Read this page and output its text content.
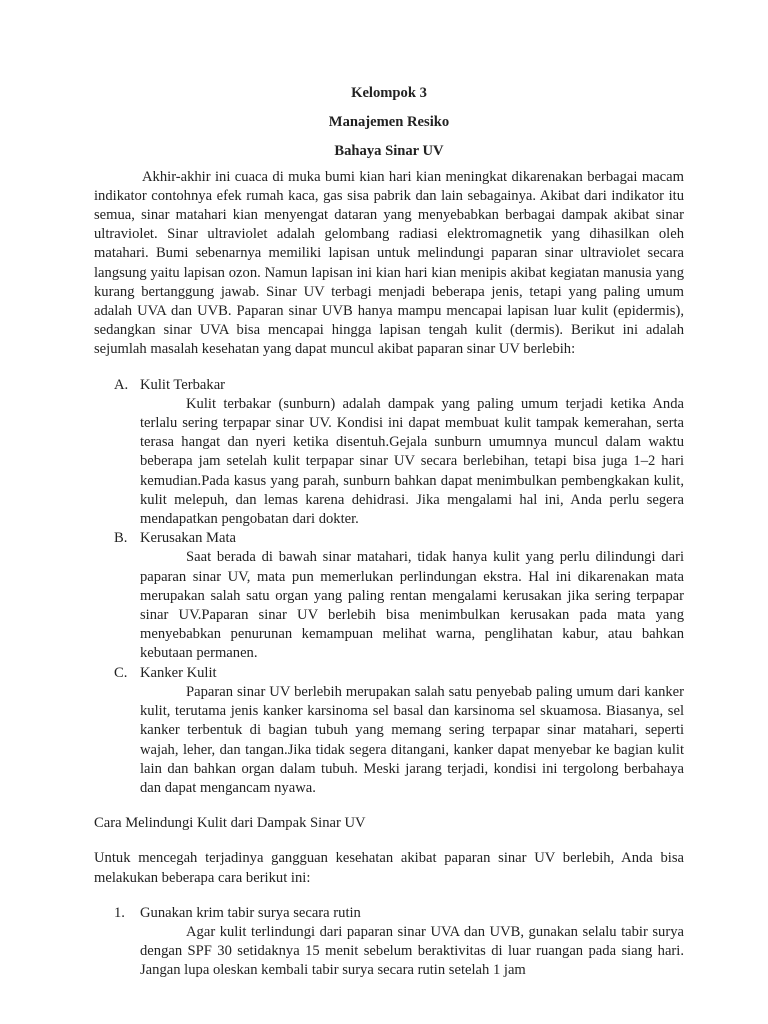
Kelompok 3

Manajemen Resiko

Bahaya Sinar UV

Akhir-akhir ini cuaca di muka bumi kian hari kian meningkat dikarenakan berbagai macam indikator contohnya efek rumah kaca, gas sisa pabrik dan lain sebagainya. Akibat dari indikator itu semua, sinar matahari kian menyengat dataran yang menyebabkan berbagai dampak akibat sinar ultraviolet. Sinar ultraviolet adalah gelombang radiasi elektromagnetik yang dihasilkan oleh matahari. Bumi sebenarnya memiliki lapisan untuk melindungi paparan sinar ultraviolet secara langsung yaitu lapisan ozon. Namun lapisan ini kian hari kian menipis akibat kegiatan manusia yang kurang bertanggung jawab. Sinar UV terbagi menjadi beberapa jenis, tetapi yang paling umum adalah UVA dan UVB. Paparan sinar UVB hanya mampu mencapai lapisan luar kulit (epidermis), sedangkan sinar UVA bisa mencapai hingga lapisan tengah kulit (dermis). Berikut ini adalah sejumlah masalah kesehatan yang dapat muncul akibat paparan sinar UV berlebih:

A. Kulit Terbakar

Kulit terbakar (sunburn) adalah dampak yang paling umum terjadi ketika Anda terlalu sering terpapar sinar UV. Kondisi ini dapat membuat kulit tampak kemerahan, serta terasa hangat dan nyeri ketika disentuh.Gejala sunburn umumnya muncul dalam waktu beberapa jam setelah kulit terpapar sinar UV secara berlebihan, tetapi bisa juga 1–2 hari kemudian.Pada kasus yang parah, sunburn bahkan dapat menimbulkan pembengkakan kulit, kulit melepuh, dan lemas karena dehidrasi. Jika mengalami hal ini, Anda perlu segera mendapatkan pengobatan dari dokter.

B. Kerusakan Mata

Saat berada di bawah sinar matahari, tidak hanya kulit yang perlu dilindungi dari paparan sinar UV, mata pun memerlukan perlindungan ekstra. Hal ini dikarenakan mata merupakan salah satu organ yang paling rentan mengalami kerusakan jika sering terpapar sinar UV.Paparan sinar UV berlebih bisa menimbulkan kerusakan pada mata yang menyebabkan penurunan kemampuan melihat warna, penglihatan kabur, atau bahkan kebutaan permanen.

C. Kanker Kulit

Paparan sinar UV berlebih merupakan salah satu penyebab paling umum dari kanker kulit, terutama jenis kanker karsinoma sel basal dan karsinoma sel skuamosa. Biasanya, sel kanker terbentuk di bagian tubuh yang memang sering terpapar sinar matahari, seperti wajah, leher, dan tangan.Jika tidak segera ditangani, kanker dapat menyebar ke bagian kulit lain dan bahkan organ dalam tubuh. Meski jarang terjadi, kondisi ini tergolong berbahaya dan dapat mengancam nyawa.

Cara Melindungi Kulit dari Dampak Sinar UV

Untuk mencegah terjadinya gangguan kesehatan akibat paparan sinar UV berlebih, Anda bisa melakukan beberapa cara berikut ini:

1. Gunakan krim tabir surya secara rutin

Agar kulit terlindungi dari paparan sinar UVA dan UVB, gunakan selalu tabir surya dengan SPF 30 setidaknya 15 menit sebelum beraktivitas di luar ruangan pada siang hari. Jangan lupa oleskan kembali tabir surya secara rutin setelah 1 jam
